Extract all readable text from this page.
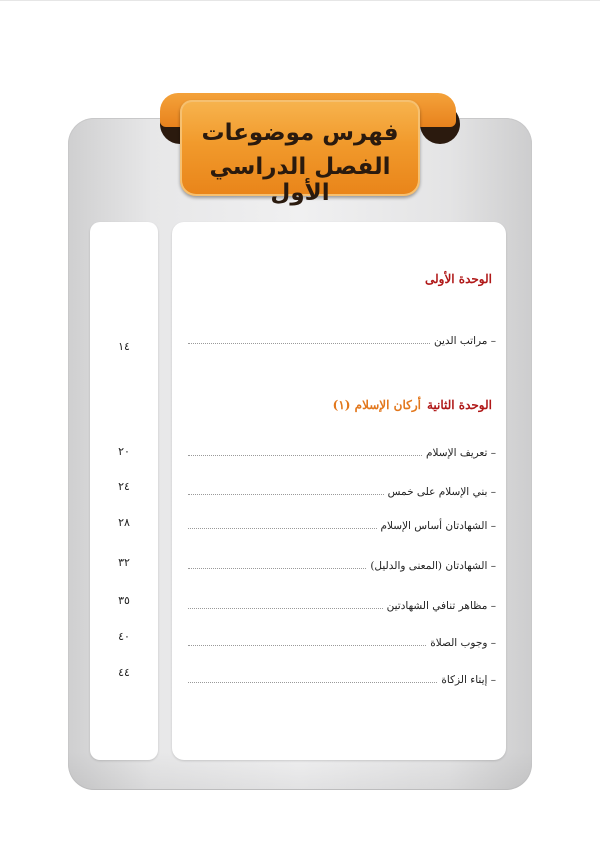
فهرس موضوعات
الفصل الدراسي الأول
الوحدة الأولى
– مراتب الدين
١٤
الوحدة الثانيةأركان الإسلام (١)
– تعريف الإسلام
٢٠
– بني الإسلام على خمس
٢٤
– الشهادتان أساس الإسلام
٢٨
– الشهادتان (المعنى والدليل)
٣٢
– مظاهر تنافي الشهادتين
٣٥
– وجوب الصلاة
٤٠
– إيتاء الزكاة
٤٤
